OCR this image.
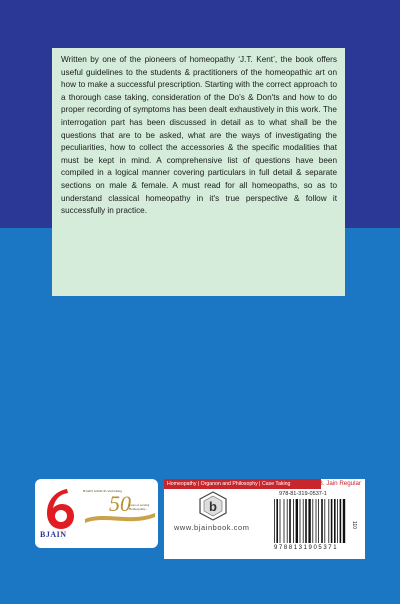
Written by one of the pioneers of homeopathy ‘J.T. Kent’, the book offers useful guidelines to the students & practitioners of the homeopathic art on how to make a successful prescription. Starting with the correct approach to a thorough case taking, consideration of the Do’s & Don'ts and how to do proper recording of symptoms has been dealt exhaustively in this work. The interrogation part has been discussed in detail as to what shall be the questions that are to be asked, what are the ways of investigating the peculiarities, how to collect the accessories & the specific modalities that must be kept in mind. A comprehensive list of questions have been compiled in a logical manner covering particulars in full detail & separate sections on male & female. A must read for all homeopaths, so as to understand classical homeopathy in it's true perspective & follow it successfully in practice.

BJAIN
BJAIN GROUP celebrating
50
years of serving Homeopathy...
Homeopathy | Organon and Philosophy | Case Taking	B. Jain Regular
978-81-319-0537-1
b
www.bjainbook.com
9788131905371
110
